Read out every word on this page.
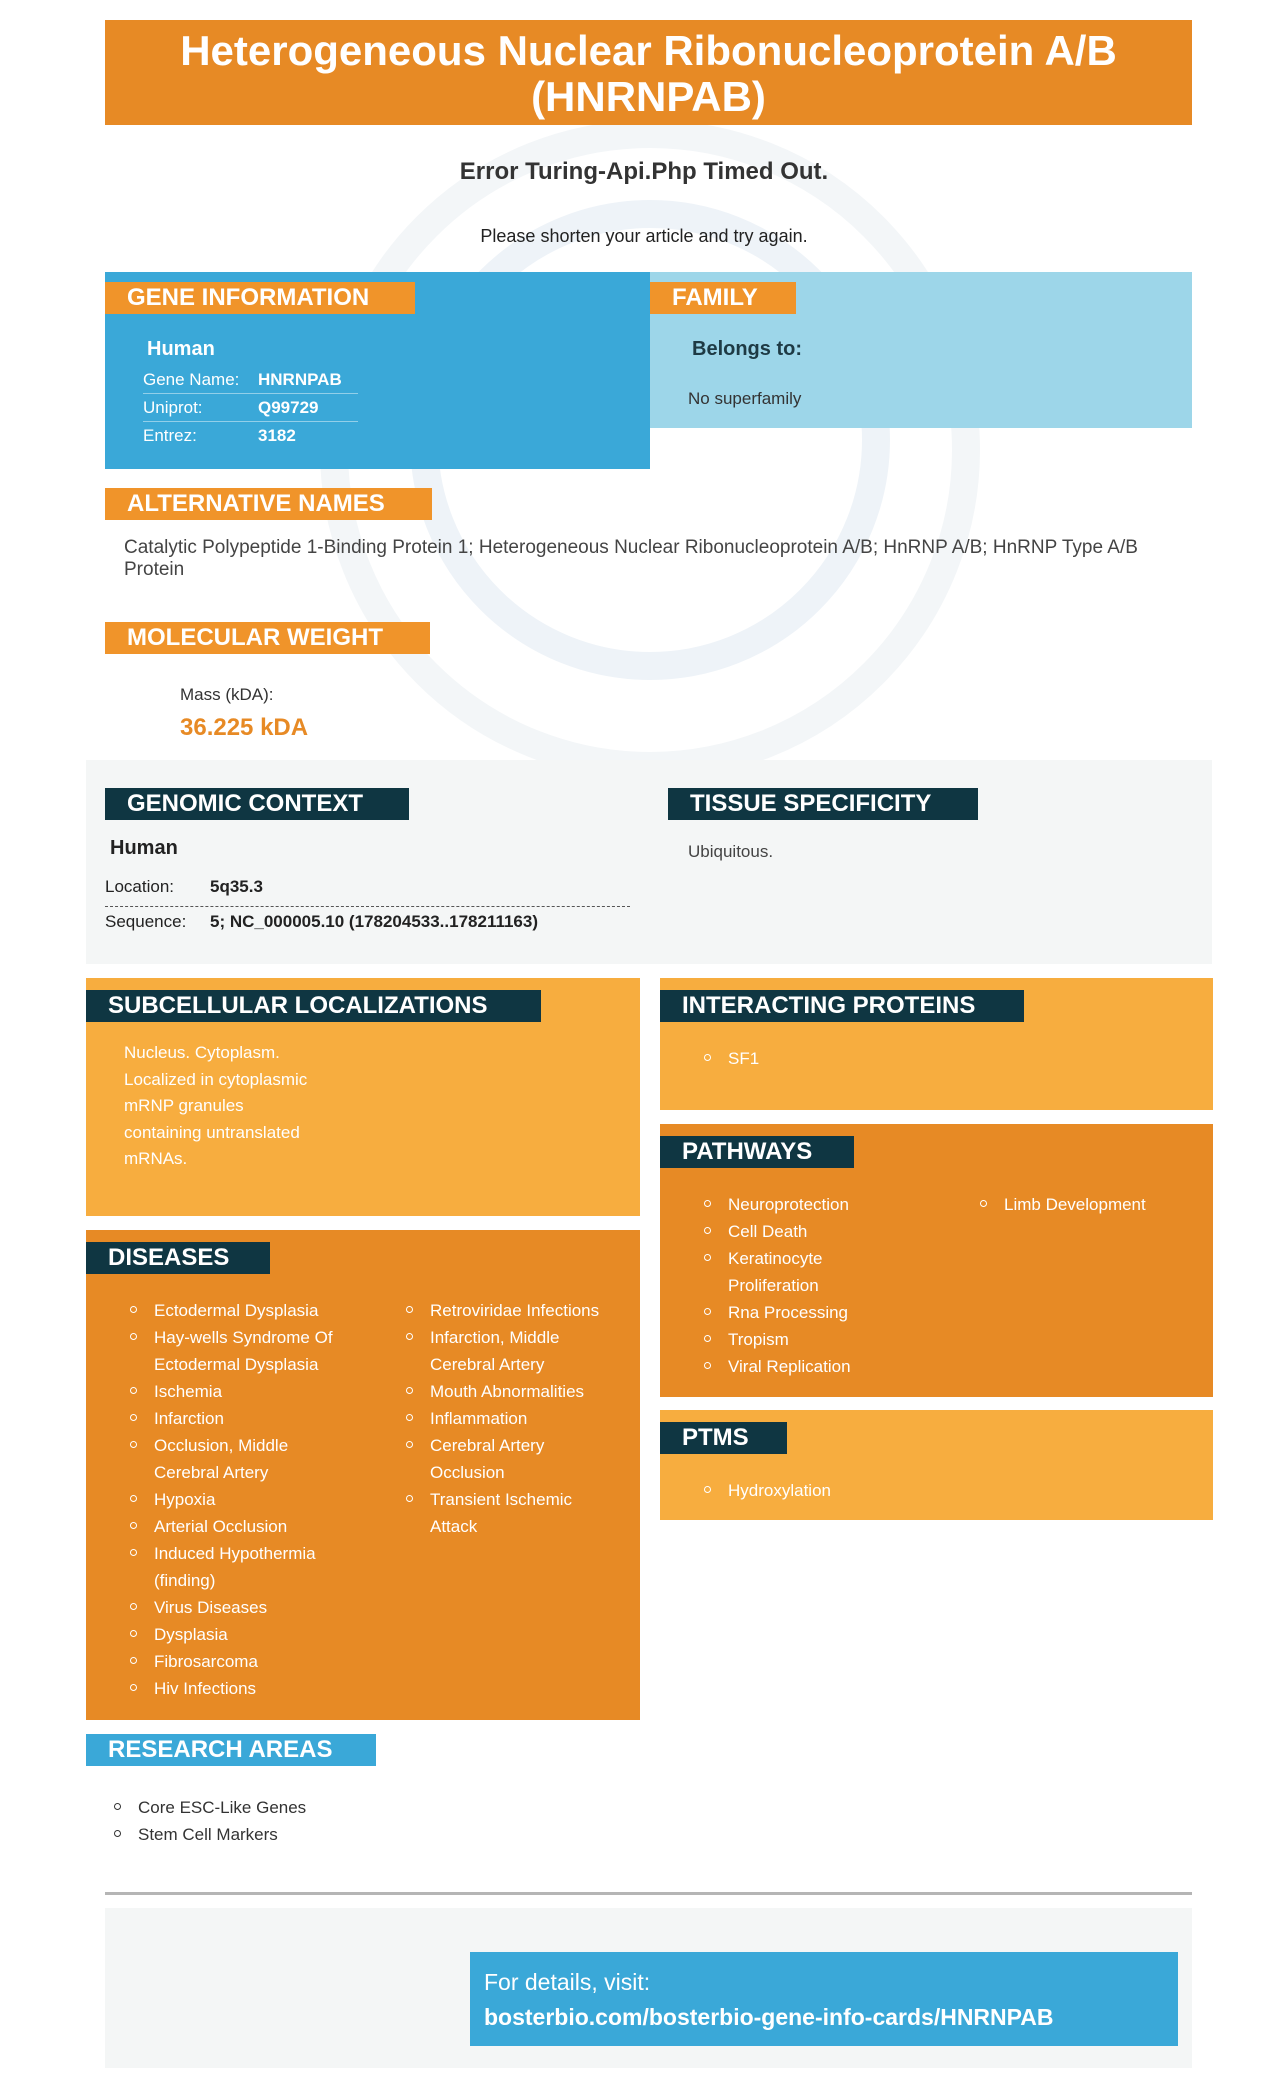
Heterogeneous Nuclear Ribonucleoprotein A/B
(HNRNPAB)
Error Turing-Api.Php Timed Out.
Please shorten your article and try again.
GENE INFORMATION
Human
Gene Name:	HNRNPAB
Uniprot:	Q99729
Entrez:	3182
FAMILY
Belongs to:
No superfamily
ALTERNATIVE NAMES
Catalytic Polypeptide 1-Binding Protein 1; Heterogeneous Nuclear Ribonucleoprotein A/B; HnRNP A/B; HnRNP Type A/B Protein
MOLECULAR WEIGHT
Mass (kDA):
36.225 kDA
GENOMIC CONTEXT
Human
Location: 5q35.3
Sequence: 5; NC_000005.10 (178204533..178211163)
TISSUE SPECIFICITY
Ubiquitous.
SUBCELLULAR LOCALIZATIONS
Nucleus. Cytoplasm.
Localized in cytoplasmic
mRNP granules
containing untranslated
mRNAs.
INTERACTING PROTEINS
SF1
PATHWAYS
Neuroprotection
Cell Death
Keratinocyte Proliferation
Rna Processing
Tropism
Viral Replication
Limb Development
PTMS
Hydroxylation
DISEASES
Ectodermal Dysplasia
Hay-wells Syndrome Of Ectodermal Dysplasia
Ischemia
Infarction
Occlusion, Middle Cerebral Artery
Hypoxia
Arterial Occlusion
Induced Hypothermia (finding)
Virus Diseases
Dysplasia
Fibrosarcoma
Hiv Infections
Retroviridae Infections
Infarction, Middle Cerebral Artery
Mouth Abnormalities
Inflammation
Cerebral Artery Occlusion
Transient Ischemic Attack
RESEARCH AREAS
Core ESC-Like Genes
Stem Cell Markers
For details, visit:
bosterbio.com/bosterbio-gene-info-cards/HNRNPAB
